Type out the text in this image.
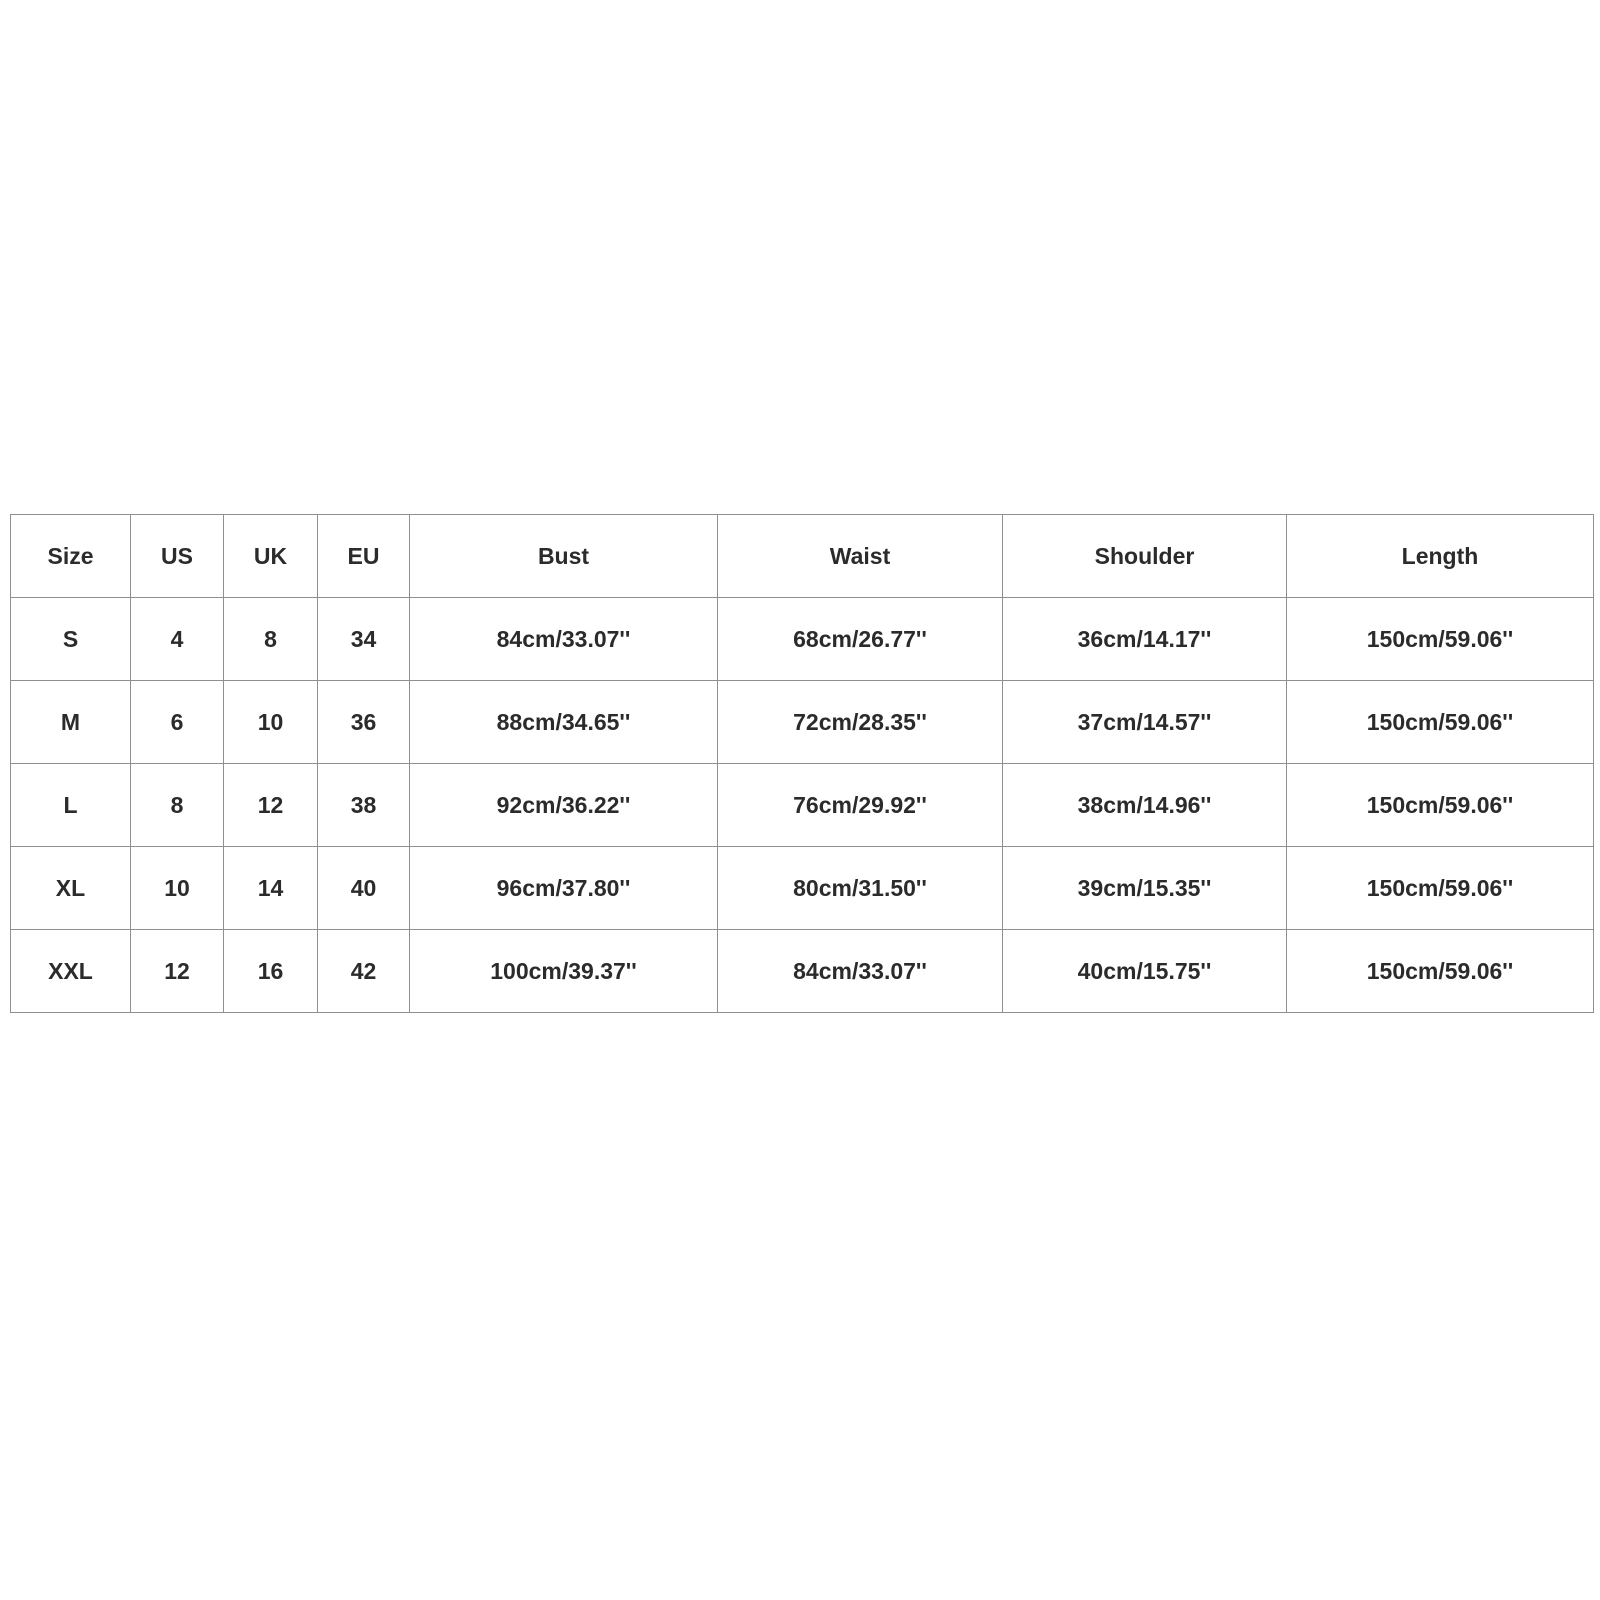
Size	US	UK	EU	Bust	Waist	Shoulder	Length
S	4	8	34	84cm/33.07''	68cm/26.77''	36cm/14.17''	150cm/59.06''
M	6	10	36	88cm/34.65''	72cm/28.35''	37cm/14.57''	150cm/59.06''
L	8	12	38	92cm/36.22''	76cm/29.92''	38cm/14.96''	150cm/59.06''
XL	10	14	40	96cm/37.80''	80cm/31.50''	39cm/15.35''	150cm/59.06''
XXL	12	16	42	100cm/39.37''	84cm/33.07''	40cm/15.75''	150cm/59.06''
